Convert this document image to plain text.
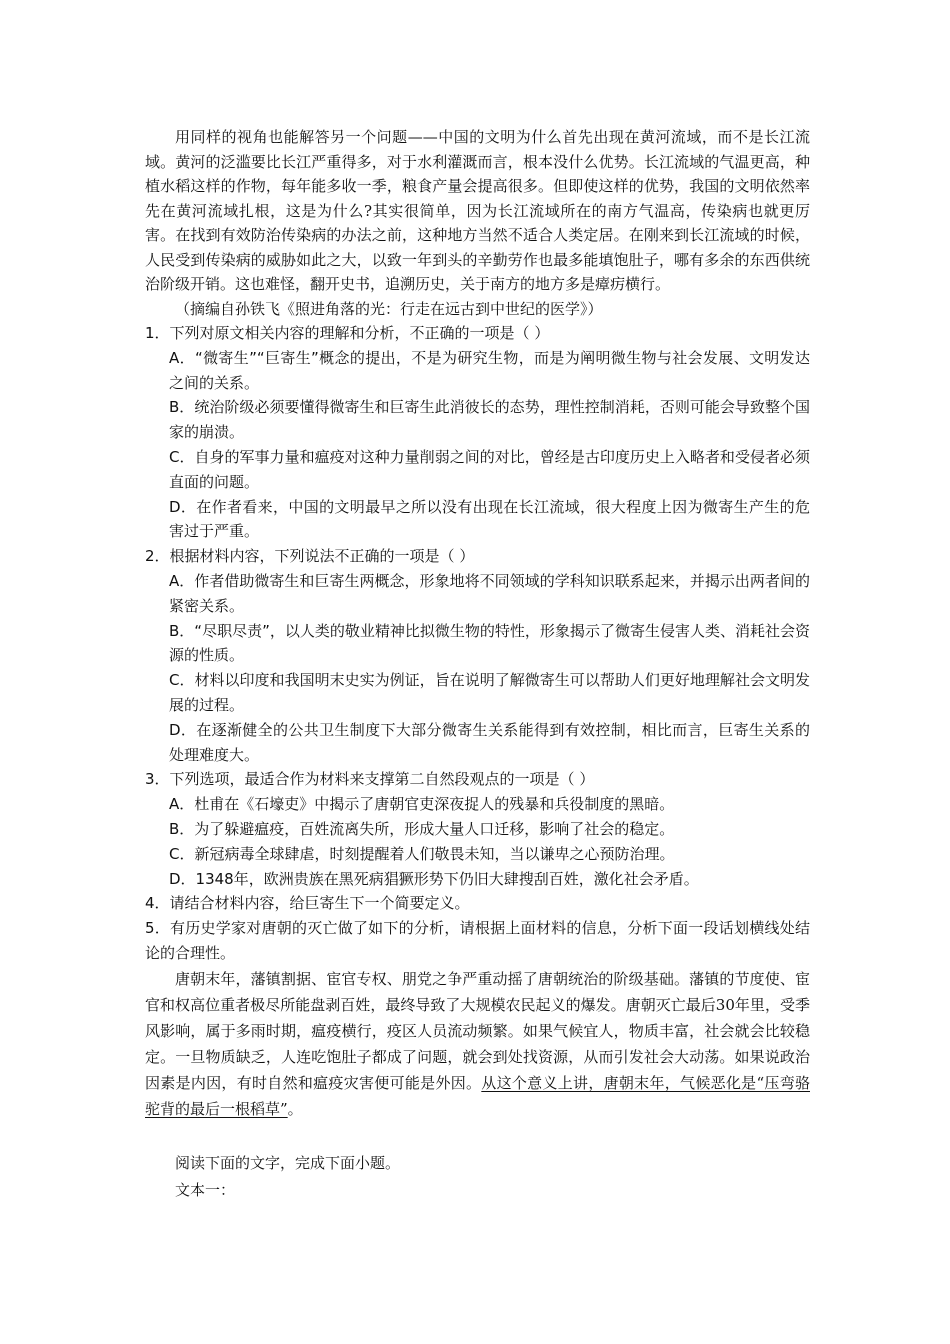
用同样的视角也能解答另一个问题——中国的文明为什么首先出现在黄河流域，而不是长江流域。黄河的泛滥要比长江严重得多，对于水利灌溉而言，根本没什么优势。长江流域的气温更高，种植水稻这样的作物，每年能多收一季，粮食产量会提高很多。但即使这样的优势，我国的文明依然率先在黄河流域扎根，这是为什么?其实很简单，因为长江流域所在的南方气温高，传染病也就更厉害。在找到有效防治传染病的办法之前，这种地方当然不适合人类定居。在刚来到长江流域的时候，人民受到传染病的威胁如此之大，以致一年到头的辛勤劳作也最多能填饱肚子，哪有多余的东西供统治阶级开销。这也难怪，翻开史书，追溯历史，关于南方的地方多是瘴疠横行。

（摘编自孙铁飞《照进角落的光：行走在远古到中世纪的医学》）

1．下列对原文相关内容的理解和分析，不正确的一项是（ ）

A．“微寄生”“巨寄生”概念的提出，不是为研究生物，而是为阐明微生物与社会发展、文明发达之间的关系。

B．统治阶级必须要懂得微寄生和巨寄生此消彼长的态势，理性控制消耗，否则可能会导致整个国家的崩溃。

C．自身的军事力量和瘟疫对这种力量削弱之间的对比，曾经是古印度历史上入略者和受侵者必须直面的问题。

D．在作者看来，中国的文明最早之所以没有出现在长江流域，很大程度上因为微寄生产生的危害过于严重。

2．根据材料内容，下列说法不正确的一项是（ ）

A．作者借助微寄生和巨寄生两概念，形象地将不同领域的学科知识联系起来，并揭示出两者间的紧密关系。

B．“尽职尽责”，以人类的敬业精神比拟微生物的特性，形象揭示了微寄生侵害人类、消耗社会资源的性质。

C．材料以印度和我国明末史实为例证，旨在说明了解微寄生可以帮助人们更好地理解社会文明发展的过程。

D．在逐渐健全的公共卫生制度下大部分微寄生关系能得到有效控制，相比而言，巨寄生关系的处理难度大。

3．下列选项，最适合作为材料来支撑第二自然段观点的一项是（ ）

A．杜甫在《石壕吏》中揭示了唐朝官吏深夜捉人的残暴和兵役制度的黑暗。

B．为了躲避瘟疫，百姓流离失所，形成大量人口迁移，影响了社会的稳定。

C．新冠病毒全球肆虐，时刻提醒着人们敬畏未知，当以谦卑之心预防治理。

D．1348年，欧洲贵族在黑死病猖獗形势下仍旧大肆搜刮百姓，激化社会矛盾。

4．请结合材料内容，给巨寄生下一个简要定义。

5．有历史学家对唐朝的灭亡做了如下的分析，请根据上面材料的信息，分析下面一段话划横线处结论的合理性。

唐朝末年，藩镇割据、宦官专权、朋党之争严重动摇了唐朝统治的阶级基础。藩镇的节度使、宦官和权高位重者极尽所能盘剥百姓，最终导致了大规模农民起义的爆发。唐朝灭亡最后30年里，受季风影响，属于多雨时期，瘟疫横行，疫区人员流动频繁。如果气候宜人，物质丰富，社会就会比较稳定。一旦物质缺乏，人连吃饱肚子都成了问题，就会到处找资源，从而引发社会大动荡。如果说政治因素是内因，有时自然和瘟疫灾害便可能是外因。从这个意义上讲，唐朝末年，气候恶化是“压弯骆驼背的最后一根稻草”。

阅读下面的文字，完成下面小题。

文本一：
